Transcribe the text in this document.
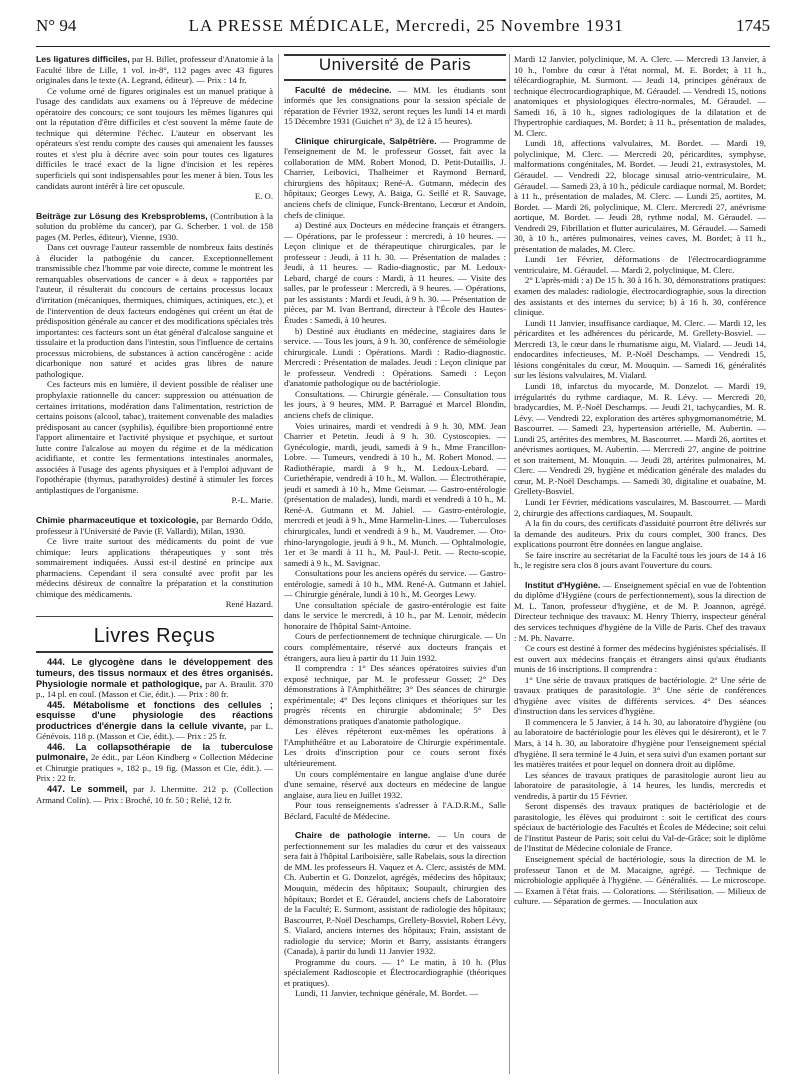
N° 94	LA PRESSE MÉDICALE, Mercredi, 25 Novembre 1931	1745

Les ligatures difficiles, par H. Billet, professeur d'Anatomie à la Faculté libre de Lille, 1 vol. in-8°, 112 pages avec 43 figures originales dans le texte (A. Legrand, éditeur). — Prix : 14 fr.

Ce volume orné de figures originales est un manuel pratique à l'usage des candidats aux examens ou à l'épreuve de médecine opératoire des concours; ce sont toujours les mêmes ligatures qui ont la réputation d'être difficiles et c'est souvent la même faute de technique qui détermine l'échec. L'auteur en observant les opérateurs s'est rendu compte des causes qui amenaient les fausses routes et s'est plu à décrire avec soin pour toutes ces ligatures difficiles le tracé exact de la ligne d'incision et les repères superficiels qui sont indispensables pour les mener à bien. Tous les candidats auront intérêt à lire cet opuscule.

E. O.

Beiträge zur Lösung des Krebsproblems, (Contribution à la solution du problème du cancer), par G. Scherber. 1 vol. de 158 pages (M. Perles, éditeur), Vienne, 1930.

Dans cet ouvrage l'auteur rassemble de nombreux faits destinés à élucider la pathogénie du cancer. Exceptionnellement transmissible chez l'homme par voie directe, comme le montrent les remarquables observations de cancer « à deux » rapportées par l'auteur, il résulterait du concours de certains processus locaux d'irritation (mécaniques, thermiques, chimiques, actiniques, etc.), et de l'intervention de deux facteurs endogènes qui créent un état de prédisposition générale au cancer et des modifications spéciales très importantes: ces facteurs sont un état général d'alcalose sanguine et tissulaire et la production dans l'intestin, sous l'influence de certains processus microbiens, de substances à action cancérogène : acide dicarbonique non saturé et acides gras libres de nature pathologique.

Ces facteurs mis en lumière, il devient possible de réaliser une prophylaxie rationnelle du cancer: suppression ou atténuation de certaines irritations, modération dans l'alimentation, restriction de certains poisons (alcool, tabac), traitement convenable des maladies prédisposant au cancer (syphilis), équilibre bien proportionné entre l'apport alimentaire et l'activité physique et psychique, et surtout lutte contre l'alcalose au moyen du régime et de la médication acidifiante, et contre les fermentations intestinales anormales, associées à l'usage des agents physiques et à l'emploi adjuvant de l'opothérapie (thymus, parathyroïdes) destiné à stimuler les forces antiplastiques de l'organisme.

P.-L. Marie.

Chimie pharmaceutique et toxicologie, par Bernardo Oddo, professeur à l'Université de Pavie (F. Vallardi), Milan, 1930.

Ce livre traite surtout des médicaments du point de vue chimique: leurs applications thérapeutiques y sont très sommairement indiquées. Aussi est-il destiné en principe aux pharmaciens. Cependant il sera consulté avec profit par les médecins désireux de connaître la préparation et la constitution chimique des médicaments.

René Hazard.

Livres Reçus

444. Le glycogène dans le développement des tumeurs, des tissus normaux et des êtres organisés. Physiologie normale et pathologique, par A. Braulit. 370 p., 14 pl. en coul. (Masson et Cie, édit.). — Prix : 80 fr.

445. Métabolisme et fonctions des cellules ; esquisse d'une physiologie des réactions productrices d'énergie dans la cellule vivante, par L. Génévois. 118 p. (Masson et Cie, édit.). — Prix : 25 fr.

446. La collapsothérapie de la tuberculose pulmonaire, 2e édit., par Léon Kindberg « Collection Médecine et Chirurgie pratiques », 182 p., 19 fig. (Masson et Cie, édit.). — Prix : 22 fr.

447. Le sommeil, par J. Lhermitte. 212 p. (Collection Armand Colin). — Prix : Broché, 10 fr. 50 ; Relié, 12 fr.

Université de Paris

Faculté de médecine. — MM. les étudiants sont informés que les consignations pour la session spéciale de réparation de Février 1932, seront reçues les lundi 14 et mardi 15 Décembre 1931 (Guichet n° 3), de 12 à 15 heures).

Clinique chirurgicale, Salpêtrière. — Programme de l'enseignement de M. le professeur Gosset, fait avec la collaboration de MM. Robert Monod, D. Petit-Dutaillis, J. Charrier, Leibovici, Thalheimer et Raymond Bernard, chirurgiens des hôpitaux; René-A. Gutmann, médecin des hôpitaux; Georges Lewy, A. Baiga, G. Seillé et R. Sauvage, anciens chefs de clinique, Funck-Brentano, Lecœur et Andoin, chefs de clinique.

a) Destiné aux Docteurs en médecine français et étrangers. — Opérations, par le professeur : mercredi, à 10 heures. — Leçon clinique et de thérapeutique chirurgicales, par le professeur : Jeudi, à 11 h. 30. — Présentation de malades : Jeudi, à 11 heures. — Radio-diagnostic, par M. Ledoux-Lebard, chargé de cours : Mardi, à 11 heures. — Visite des salles, par le professeur : Mercredi, à 9 heures. — Opérations, par les assistants : Mardi et Jeudi, à 9 h. 30. — Présentation de pièces, par M. Ivan Bertrand, directeur à l'École des Hautes-Études : Samedi, à 10 heures.

b) Destiné aux étudiants en médecine, stagiaires dans le service. — Tous les jours, à 9 h. 30, conférence de séméiologie chirurgicale. Lundi : Opérations. Mardi : Radio-diagnostic. Mercredi : Présentation de malades. Jeudi : Leçon clinique par le professeur. Vendredi : Opérations. Samedi : Leçon d'anatomie pathologique ou de bactériologie.

Consultations. — Chirurgie générale. — Consultation tous les jours, à 9 heures, MM. P. Barragué et Marcel Blondin, anciens chefs de clinique.

Voies urinaires, mardi et vendredi à 9 h. 30, MM. Jean Charrier et Petetin. Jeudi à 9 h. 30. Cystoscopies. — Gynécologie, mardi, jeudi, samedi à 9 h., Mme Francillon-Lobre. — Tumeurs, vendredi à 10 h., M. Robert Monod. — Radiothérapie, mardi à 9 h., M. Ledoux-Lebard. — Curiethérapie, vendredi à 10 h., M. Wallon. — Électrothérapie, jeudi et samedi à 10 h., Mme Geismar. — Gastro-entérologie (présentation de malades), lundi, mardi et vendredi à 10 h., M. René-A. Gutmann et M. Jahiel. — Gastro-entérologie, mercredi et jeudi à 9 h., Mme Harmelin-Lines. — Tuberculoses chirurgicales, lundi et vendredi à 9 h., M. Vaudremer. — Oto-rhino-laryngologie, jeudi à 9 h., M. Munch. — Ophtalmologie, 1er et 3e mardi à 11 h., M. Paul-J. Petit. — Recto-scopie, samedi à 9 h., M. Savignac.

Consultations pour les anciens opérés du service. — Gastro-entérologie, samedi à 10 h., MM. René-A. Gutmann et Jahiel. — Chirurgie générale, lundi à 10 h., M. Georges Lewy.

Une consultation spéciale de gastro-entérologie est faite dans le service le mercredi, à 10 h., par M. Lenoir, médecin honoraire de l'hôpital Saint-Antoine.

Cours de perfectionnement de technique chirurgicale. — Un cours complémentaire, réservé aux docteurs français et étrangers, aura lieu à partir du 11 Juin 1932.

Il comprendra : 1° Des séances opératoires suivies d'un exposé technique, par M. le professeur Gosset; 2° Des démonstrations à l'Amphithéâtre; 3° Des séances de chirurgie expérimentale; 4° Des leçons cliniques et théoriques sur les progrès récents en chirurgie abdominale; 5° Des démonstrations pratiques d'anatomie pathologique.

Les élèves répéteront eux-mêmes les opérations à l'Amphithéâtre et au Laboratoire de Chirurgie expérimentale. Les droits d'inscription pour ce cours seront fixés ultérieurement.

Un cours complémentaire en langue anglaise d'une durée d'une semaine, réservé aux docteurs en médecine de langue anglaise, aura lieu en Juillet 1932.

Pour tous renseignements s'adresser à l'A.D.R.M., Salle Béclard, Faculté de Médecine.

Chaire de pathologie interne. — Un cours de perfectionnement sur les maladies du cœur et des vaisseaux sera fait à l'hôpital Lariboisière, salle Rabelais, sous la direction de MM. les professeurs H. Vaquez et A. Clerc, assistés de MM. Ch. Aubertin et G. Donzelot, agrégés, médecins des hôpitaux; Mouquin, médecin des hôpitaux; Soupault, chirurgien des hôpitaux; Bordet et E. Géraudel, anciens chefs de Laboratoire de la Faculté; E. Surmont, assistant de radiologie des hôpitaux; Bascourret, P.-Noël Deschamps, Grellety-Bosviel, Robert Lévy, S. Vialard, anciens internes des hôpitaux; Frain, assistant de radiologie du service; Morin et Barry, assistants étrangers (Canada), à partir du lundi 11 Janvier 1932.

Programme du cours. — 1° Le matin, à 10 h. (Plus spécialement Radioscopie et Électrocardiographie (théoriques et pratiques).

Lundi, 11 Janvier, technique générale, M. Bordet. —

Mardi 12 Janvier, polyclinique, M. A. Clerc. — Mercredi 13 Janvier, à 10 h., l'ombre du cœur à l'état normal, M. E. Bordet; à 11 h., télécardiographie, M. Surmont. — Jeudi 14, principes généraux de technique électrocardiographique, M. Géraudel. — Vendredi 15, notions anatomiques et physiologiques électro-normales, M. Géraudel. — Samedi 16, à 10 h., signes radiologiques de la dilatation et de l'hypertrophie cardiaques, M. Bordet; à 11 h., présentation de malades, M. Clerc.

Lundi 18, affections valvulaires, M. Bordet. — Mardi 19, polyclinique, M. Clerc. — Mercredi 20, péricardites, symphyse, malformations congénitales, M. Bordet. — Jeudi 21, extrasystoles, M. Géraudel. — Vendredi 22, blocage sinusal atrio-ventriculaire, M. Géraudel. — Samedi 23, à 10 h., pédicule cardiaque normal, M. Bordet; à 11 h., présentation de malades, M. Clerc. — Lundi 25, aortites, M. Bordet. — Mardi 26, polyclinique, M. Clerc. Mercredi 27, anévrisme aortique, M. Bordet. — Jeudi 28, rythme nodal, M. Géraudel. — Vendredi 29, Fibrillation et flutter auriculaires, M. Géraudel. — Samedi 30, à 10 h., artères pulmonaires, veines caves, M. Bordet; à 11 h., présentation de malades, M. Clerc.

Lundi 1er Février, déformations de l'électrocardiogramme ventriculaire, M. Géraudel. — Mardi 2, polyclinique, M. Clerc.

2° L'après-midi : a) De 15 h. 30 à 16 h. 30, démonstrations pratiques: examen des malades: radiologie, électrocardiographie, sous la direction des assistants et des internes du service; b) à 16 h. 30, conférence clinique.

Lundi 11 Janvier, insuffisance cardiaque, M. Clerc. — Mardi 12, les péricardites et les adhérences du péricarde, M. Grellety-Bosviel. — Mercredi 13, le cœur dans le rhumatisme aigu, M. Vialard. — Jeudi 14, endocardites infectieuses, M. P.-Noël Deschamps. — Vendredi 15, lésions congénitales du cœur, M. Mouquin. — Samedi 16, généralités sur les lésions valvulaires, M. Vialard.

Lundi 18, infarctus du myocarde, M. Donzelot. — Mardi 19, irrégularités du rythme cardiaque, M. R. Lévy. — Mercredi 20, bradycardies, M. P.-Noël Deschamps. — Jeudi 21, tachycardies, M. R. Lévy. — Vendredi 22, exploration des artères sphygmomanométrie, M. Bascourret. — Samedi 23, hypertension artérielle, M. Aubertin. — Lundi 25, artérites des membres, M. Bascourret. — Mardi 26, aortites et anévrismes aortiques, M. Aubertin. — Mercredi 27, angine de poitrine et son traitement, M. Mouquin. — Jeudi 28, artérites pulmonaires, M. Clerc. — Vendredi 29, hygiène et médication générale des malades du cœur, M. P.-Noël Deschamps. — Samedi 30, digitaline et ouabaïne, M. Grellety-Bosviel.

Lundi 1er Février, médications vasculaires, M. Bascourret. — Mardi 2, chirurgie des affections cardiaques, M. Soupault.

A la fin du cours, des certificats d'assiduité pourront être délivrés sur la demande des auditeurs. Prix du cours complet, 300 francs. Des explications pourront être données en langue anglaise.

Se faire inscrire au secrétariat de la Faculté tous les jours de 14 à 16 h., le registre sera clos 8 jours avant l'ouverture du cours.

Institut d'Hygiène. — Enseignement spécial en vue de l'obtention du diplôme d'Hygiène (cours de perfectionnement), sous la direction de M. L. Tanon, professeur d'hygiène, et de M. P. Joannon, agrégé. Directeur technique des travaux: M. Henry Thierry, inspecteur général des services techniques d'hygiène de la Ville de Paris. Chef des travaux : M. Ph. Navarre.

Ce cours est destiné à former des médecins hygiénistes spécialisés. Il est ouvert aux médecins français et étrangers ainsi qu'aux étudiants munis de 16 inscriptions. Il comprendra :

1° Une série de travaux pratiques de bactériologie. 2° Une série de travaux pratiques de parasitologie. 3° Une série de conférences d'hygiène avec visites de différents services. 4° Des séances d'instruction dans les services d'hygiène.

Il commencera le 5 Janvier, à 14 h. 30, au laboratoire d'hygiène (ou au laboratoire de bactériologie pour les élèves qui le désireront), et le 7 Mars, à 14 h. 30, au laboratoire d'hygiène pour l'enseignement spécial d'hygiène. Il sera terminé le 4 Juin, et sera suivi d'un examen portant sur les matières traitées et pour lequel on donnera droit au diplôme.

Les séances de travaux pratiques de parasitologie auront lieu au laboratoire de parasitologie, à 14 heures, les lundis, mercredis et vendredis, à partir du 15 Février.

Seront dispensés des travaux pratiques de bactériologie et de parasitologie, les élèves qui produiront : soit le certificat des cours spéciaux de bactériologie des Facultés et Écoles de Médecine; soit celui de l'Institut Pasteur de Paris; soit celui du Val-de-Grâce; soit le diplôme de l'Institut de Médecine coloniale de France.

Enseignement spécial de bactériologie, sous la direction de M. le professeur Tanon et de M. Macaigne, agrégé. — Technique de microbiologie appliquée à l'hygiène. — Généralités. — Le microscope. — Examen à l'état frais. — Colorations. — Stérilisation. — Milieux de culture. — Séparation de germes. — Inoculation aux
